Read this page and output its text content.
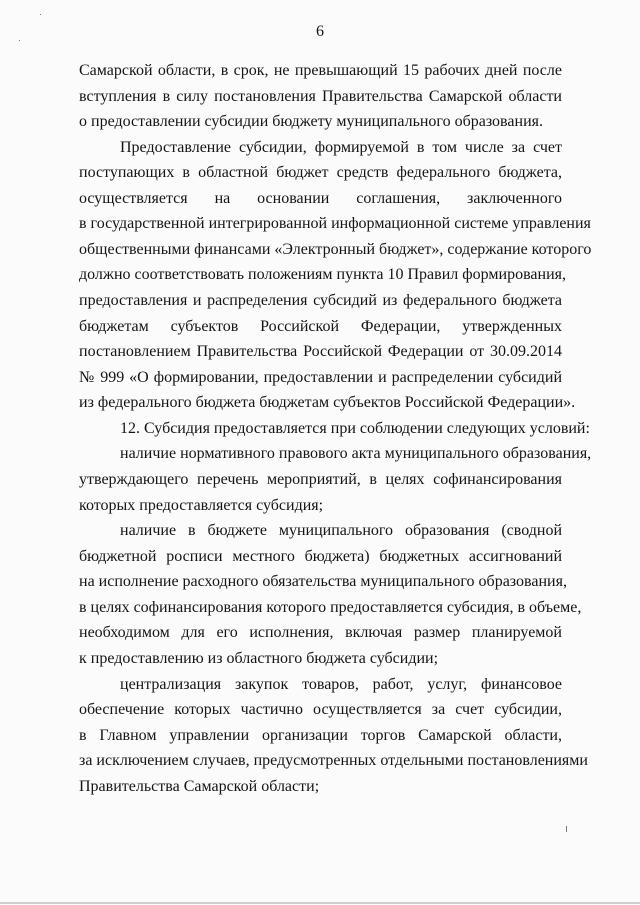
6
Самарской области, в срок, не превышающий 15 рабочих дней после
вступления в силу постановления Правительства Самарской области
о предоставлении субсидии бюджету муниципального образования.
Предоставление субсидии, формируемой в том числе за счет
поступающих в областной бюджет средств федерального бюджета,
осуществляется на основании соглашения, заключенного
в государственной интегрированной информационной системе управления
общественными финансами «Электронный бюджет», содержание которого
должно соответствовать положениям пункта 10 Правил формирования,
предоставления и распределения субсидий из федерального бюджета
бюджетам субъектов Российской Федерации, утвержденных
постановлением Правительства Российской Федерации от 30.09.2014
№ 999 «О формировании, предоставлении и распределении субсидий
из федерального бюджета бюджетам субъектов Российской Федерации».
12. Субсидия предоставляется при соблюдении следующих условий:
наличие нормативного правового акта муниципального образования,
утверждающего перечень мероприятий, в целях софинансирования
которых предоставляется субсидия;
наличие в бюджете муниципального образования (сводной
бюджетной росписи местного бюджета) бюджетных ассигнований
на исполнение расходного обязательства муниципального образования,
в целях софинансирования которого предоставляется субсидия, в объеме,
необходимом для его исполнения, включая размер планируемой
к предоставлению из областного бюджета субсидии;
централизация закупок товаров, работ, услуг, финансовое
обеспечение которых частично осуществляется за счет субсидии,
в Главном управлении организации торгов Самарской области,
за исключением случаев, предусмотренных отдельными постановлениями
Правительства Самарской области;
